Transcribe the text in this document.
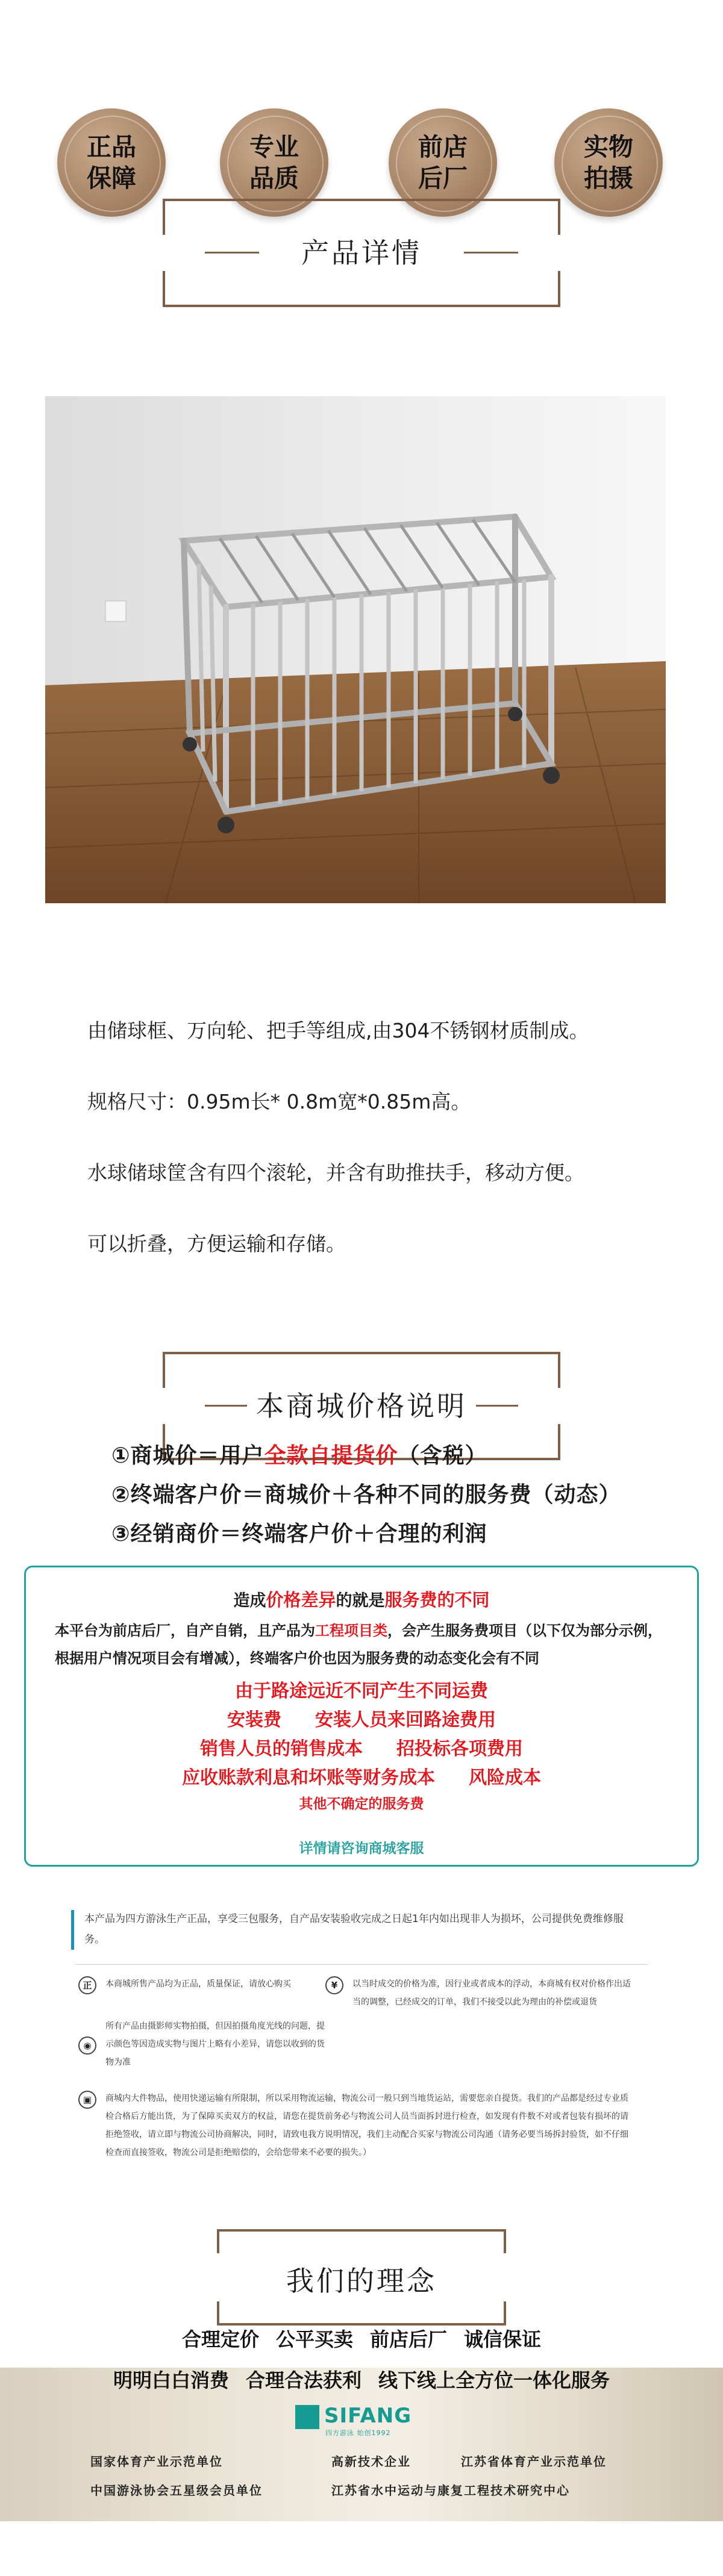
正品
保障
专业
品质
前店
后厂
实物
拍摄
产品详情

由储球框、万向轮、把手等组成,由304不锈钢材质制成。

规格尺寸：0.95m长* 0.8m宽*0.85m高。

水球储球筐含有四个滚轮，并含有助推扶手，移动方便。

可以折叠，方便运输和存储。

本商城价格说明
①商城价＝用户全款自提货价（含税）
②终端客户价＝商城价＋各种不同的服务费（动态）
③经销商价＝终端客户价＋合理的利润
造成价格差异的就是服务费的不同
本平台为前店后厂，自产自销，且产品为工程项目类，会产生服务费项目（以下仅为部分示例，根据用户情况项目会有增减），终端客户价也因为服务费的动态变化会有不同
由于路途远近不同产生不同运费
安装费 安装人员来回路途费用
销售人员的销售成本 招投标各项费用
应收账款利息和坏账等财务成本 风险成本
其他不确定的服务费
详情请咨询商城客服
本产品为四方游泳生产正品，享受三包服务，自产品安装验收完成之日起1年内如出现非人为损坏，公司提供免费维修服务。
正	本商城所售产品均为正品，质量保证，请放心购买	¥	以当时成交的价格为准，因行业或者成本的浮动，本商城有权对价格作出适当的调整，已经成交的订单，我们不接受以此为理由的补偿或退货
◉
所有产品由摄影师实物拍摄，但因拍摄角度光线的问题，提示颜色等因造成实物与图片上略有小差异，请您以收到的货物为准
▣	商城内大件物品，使用快递运输有所限制，所以采用物流运输，物流公司一般只到当地货运站，需要您亲自提货。我们的产品都是经过专业质检合格后方能出货，为了保障买卖双方的权益，请您在提货前务必与物流公司人员当面拆封进行检查，如发现有件数不对或者包装有损坏的请拒绝签收，请立即与物流公司协商解决，同时，请致电我方说明情况，我们主动配合买家与物流公司沟通（请务必要当场拆封验货，如不仔细检查而直接签收，物流公司是拒绝赔偿的，会给您带来不必要的损失。）
我们的理念
合理定价 公平买卖 前店后厂 诚信保证
明明白白消费 合理合法获利 线下线上全方位一体化服务
SIFANG
四方游泳 始创1992
国家体育产业示范单位	高新技术企业	江苏省体育产业示范单位
中国游泳协会五星级会员单位	江苏省水中运动与康复工程技术研究中心
